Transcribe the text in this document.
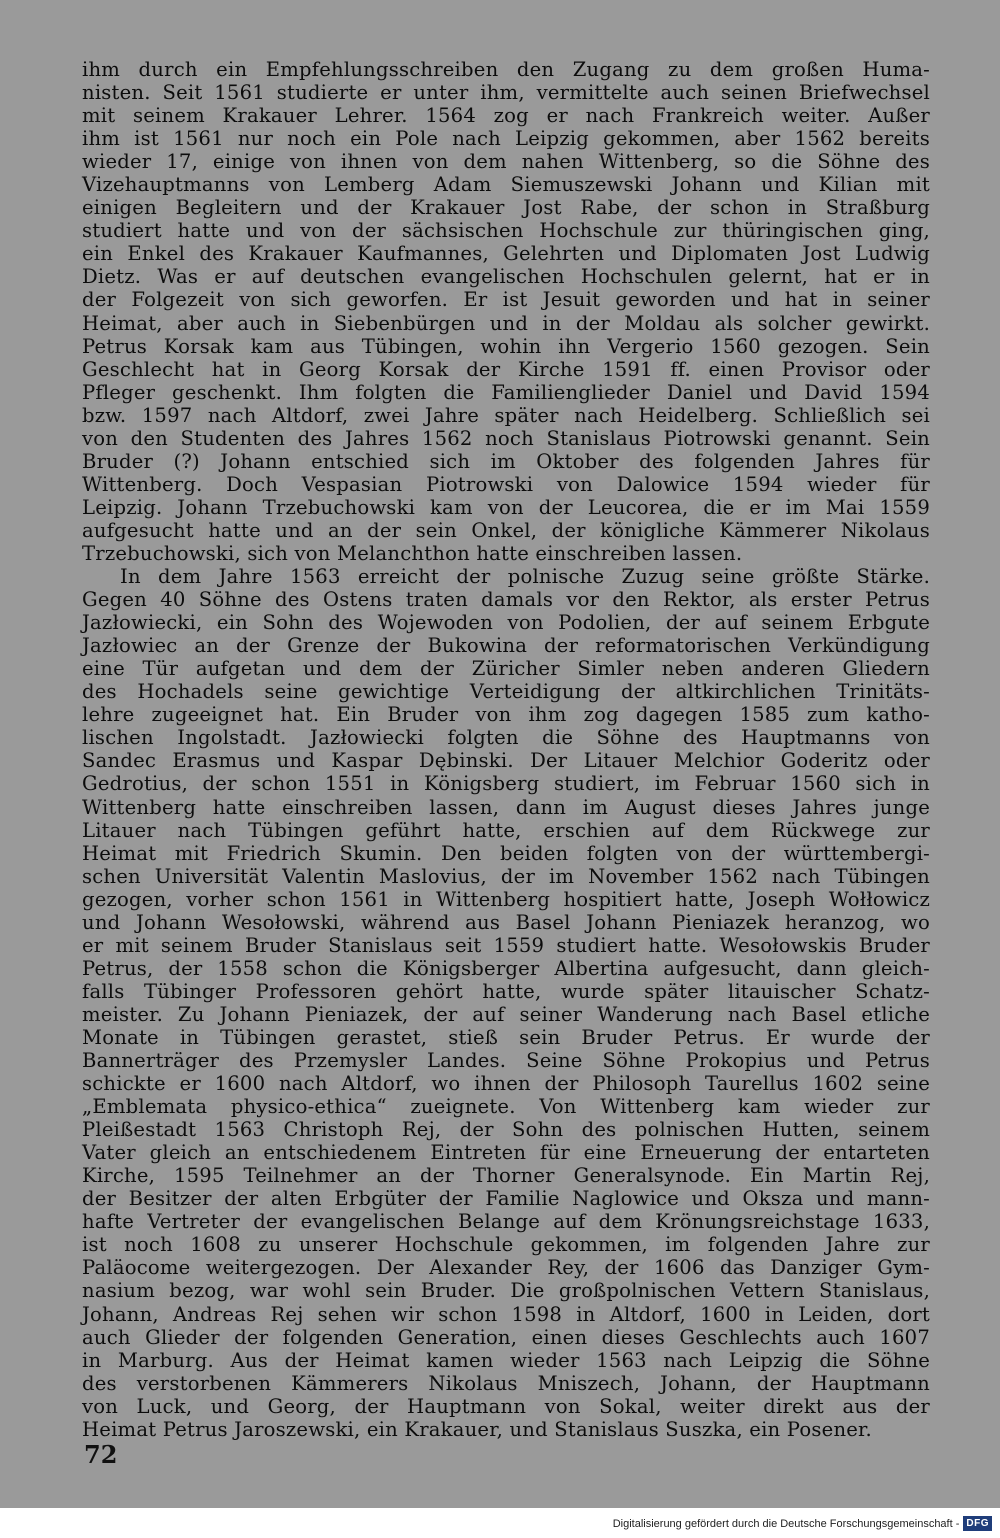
ihm durch ein Empfehlungsschreiben den Zugang zu dem großen Huma-
nisten. Seit 1561 studierte er unter ihm, vermittelte auch seinen Briefwechsel
mit seinem Krakauer Lehrer. 1564 zog er nach Frankreich weiter. Außer
ihm ist 1561 nur noch ein Pole nach Leipzig gekommen, aber 1562 bereits
wieder 17, einige von ihnen von dem nahen Wittenberg, so die Söhne des
Vizehauptmanns von Lemberg Adam Siemuszewski Johann und Kilian mit
einigen Begleitern und der Krakauer Jost Rabe, der schon in Straßburg
studiert hatte und von der sächsischen Hochschule zur thüringischen ging,
ein Enkel des Krakauer Kaufmannes, Gelehrten und Diplomaten Jost Ludwig
Dietz. Was er auf deutschen evangelischen Hochschulen gelernt, hat er in
der Folgezeit von sich geworfen. Er ist Jesuit geworden und hat in seiner
Heimat, aber auch in Siebenbürgen und in der Moldau als solcher gewirkt.
Petrus Korsak kam aus Tübingen, wohin ihn Vergerio 1560 gezogen. Sein
Geschlecht hat in Georg Korsak der Kirche 1591 ff. einen Provisor oder
Pfleger geschenkt. Ihm folgten die Familienglieder Daniel und David 1594
bzw. 1597 nach Altdorf, zwei Jahre später nach Heidelberg. Schließlich sei
von den Studenten des Jahres 1562 noch Stanislaus Piotrowski genannt. Sein
Bruder (?) Johann entschied sich im Oktober des folgenden Jahres für
Wittenberg. Doch Vespasian Piotrowski von Dalowice 1594 wieder für
Leipzig. Johann Trzebuchowski kam von der Leucorea, die er im Mai 1559
aufgesucht hatte und an der sein Onkel, der königliche Kämmerer Nikolaus
Trzebuchowski, sich von Melanchthon hatte einschreiben lassen.
In dem Jahre 1563 erreicht der polnische Zuzug seine größte Stärke.
Gegen 40 Söhne des Ostens traten damals vor den Rektor, als erster Petrus
Jazłowiecki, ein Sohn des Wojewoden von Podolien, der auf seinem Erbgute
Jazłowiec an der Grenze der Bukowina der reformatorischen Verkündigung
eine Tür aufgetan und dem der Züricher Simler neben anderen Gliedern
des Hochadels seine gewichtige Verteidigung der altkirchlichen Trinitäts-
lehre zugeeignet hat. Ein Bruder von ihm zog dagegen 1585 zum katho-
lischen Ingolstadt. Jazłowiecki folgten die Söhne des Hauptmanns von
Sandec Erasmus und Kaspar Dębinski. Der Litauer Melchior Goderitz oder
Gedrotius, der schon 1551 in Königsberg studiert, im Februar 1560 sich in
Wittenberg hatte einschreiben lassen, dann im August dieses Jahres junge
Litauer nach Tübingen geführt hatte, erschien auf dem Rückwege zur
Heimat mit Friedrich Skumin. Den beiden folgten von der württembergi-
schen Universität Valentin Maslovius, der im November 1562 nach Tübingen
gezogen, vorher schon 1561 in Wittenberg hospitiert hatte, Joseph Wołłowicz
und Johann Wesołowski, während aus Basel Johann Pieniazek heranzog, wo
er mit seinem Bruder Stanislaus seit 1559 studiert hatte. Wesołowskis Bruder
Petrus, der 1558 schon die Königsberger Albertina aufgesucht, dann gleich-
falls Tübinger Professoren gehört hatte, wurde später litauischer Schatz-
meister. Zu Johann Pieniazek, der auf seiner Wanderung nach Basel etliche
Monate in Tübingen gerastet, stieß sein Bruder Petrus. Er wurde der
Bannerträger des Przemysler Landes. Seine Söhne Prokopius und Petrus
schickte er 1600 nach Altdorf, wo ihnen der Philosoph Taurellus 1602 seine
„Emblemata physico-ethica“ zueignete. Von Wittenberg kam wieder zur
Pleißestadt 1563 Christoph Rej, der Sohn des polnischen Hutten, seinem
Vater gleich an entschiedenem Eintreten für eine Erneuerung der entarteten
Kirche, 1595 Teilnehmer an der Thorner Generalsynode. Ein Martin Rej,
der Besitzer der alten Erbgüter der Familie Naglowice und Oksza und mann-
hafte Vertreter der evangelischen Belange auf dem Krönungsreichstage 1633,
ist noch 1608 zu unserer Hochschule gekommen, im folgenden Jahre zur
Paläocome weitergezogen. Der Alexander Rey, der 1606 das Danziger Gym-
nasium bezog, war wohl sein Bruder. Die großpolnischen Vettern Stanislaus,
Johann, Andreas Rej sehen wir schon 1598 in Altdorf, 1600 in Leiden, dort
auch Glieder der folgenden Generation, einen dieses Geschlechts auch 1607
in Marburg. Aus der Heimat kamen wieder 1563 nach Leipzig die Söhne
des verstorbenen Kämmerers Nikolaus Mniszech, Johann, der Hauptmann
von Luck, und Georg, der Hauptmann von Sokal, weiter direkt aus der
Heimat Petrus Jaroszewski, ein Krakauer, und Stanislaus Suszka, ein Posener.
72
Digitalisierung gefördert durch die Deutsche Forschungsgemeinschaft - DFG
